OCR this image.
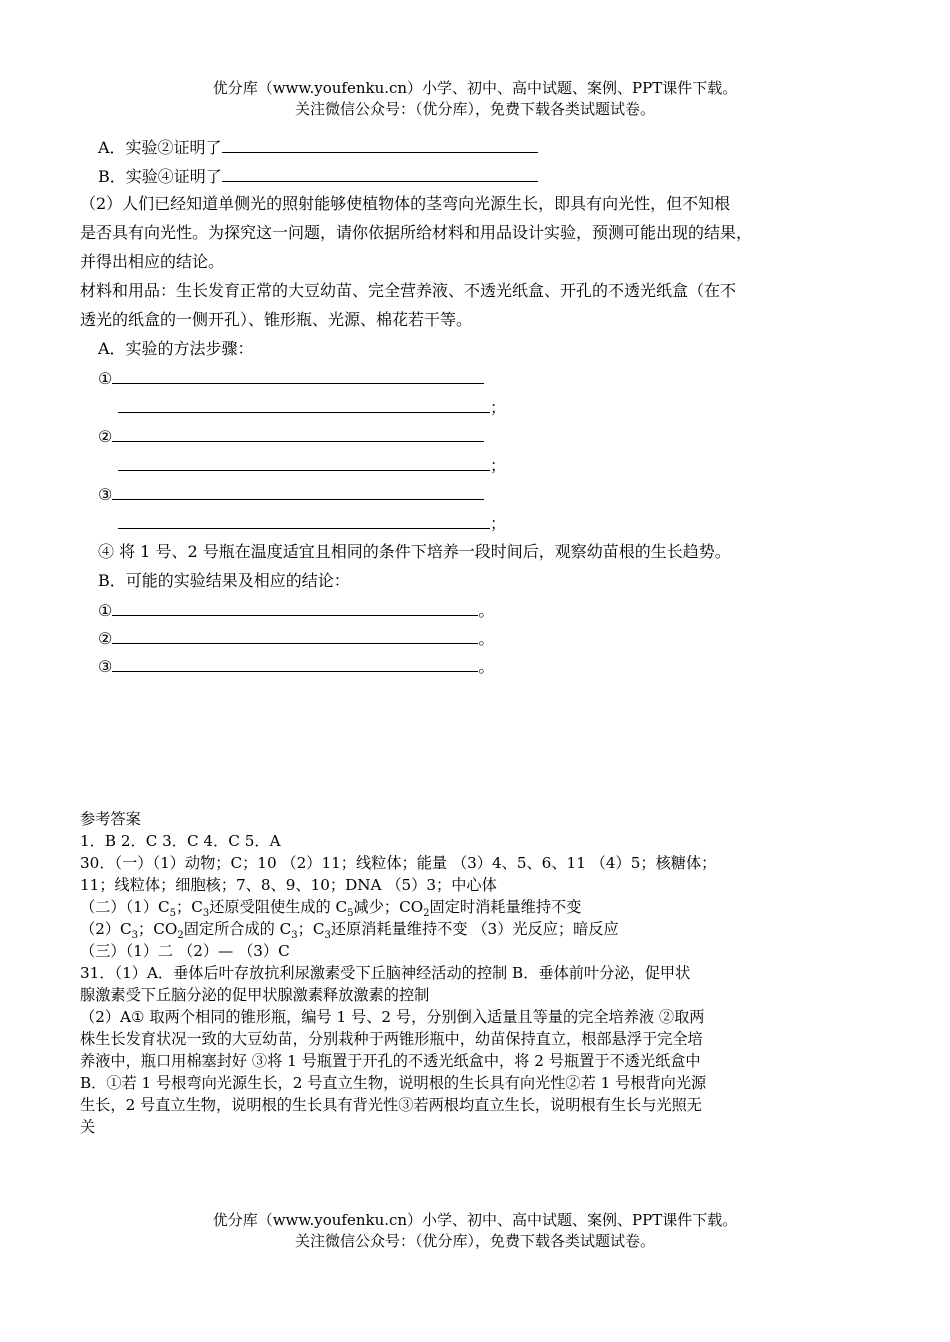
优分库（www.youfenku.cn）小学、初中、高中试题、案例、PPT课件下载。
关注微信公众号：（优分库），免费下载各类试题试卷。
A．实验②证明了
B．实验④证明了
（2）人们已经知道单侧光的照射能够使植物体的茎弯向光源生长，即具有向光性，但不知根
是否具有向光性。为探究这一问题，请你依据所给材料和用品设计实验，预测可能出现的结果，
并得出相应的结论。
材料和用品：生长发育正常的大豆幼苗、完全营养液、不透光纸盒、开孔的不透光纸盒（在不
透光的纸盒的一侧开孔）、锥形瓶、光源、棉花若干等。
A．实验的方法步骤：
①
；
②
；
③
；
④ 将 1 号、2 号瓶在温度适宜且相同的条件下培养一段时间后，观察幼苗根的生长趋势。
B．可能的实验结果及相应的结论：
①	。
②	。
③	。
参考答案
1．B 2．C 3．C 4．C 5．A
30．（一）（1）动物；C；10 （2）11；线粒体；能量 （3）4、5、6、11 （4）5；核糖体；
11；线粒体；细胞核；7、8、9、10；DNA （5）3；中心体
（二）$(1)C_5$；$C_3$还原受阻使生成的 $C_5$减少；$CO_2$固定时消耗量维持不变
$(2)C_3$；$CO_2$固定所合成的 $C_3$；$C_3$还原消耗量维持不变 （3）光反应；暗反应
（三）（1）二 （2）— （3）C
31．（1）A．垂体后叶存放抗利尿激素受下丘脑神经活动的控制 B．垂体前叶分泌，促甲状
腺激素受下丘脑分泌的促甲状腺激素释放激素的控制
（2）A① 取两个相同的锥形瓶，编号 1 号、2 号，分别倒入适量且等量的完全培养液 ②取两
株生长发育状况一致的大豆幼苗，分别栽种于两锥形瓶中，幼苗保持直立，根部悬浮于完全培
养液中，瓶口用棉塞封好 ③将 1 号瓶置于开孔的不透光纸盒中，将 2 号瓶置于不透光纸盒中
B．①若 1 号根弯向光源生长，2 号直立生物，说明根的生长具有向光性②若 1 号根背向光源
生长，2 号直立生物，说明根的生长具有背光性③若两根均直立生长，说明根有生长与光照无
关
优分库（www.youfenku.cn）小学、初中、高中试题、案例、PPT课件下载。
关注微信公众号：（优分库），免费下载各类试题试卷。
